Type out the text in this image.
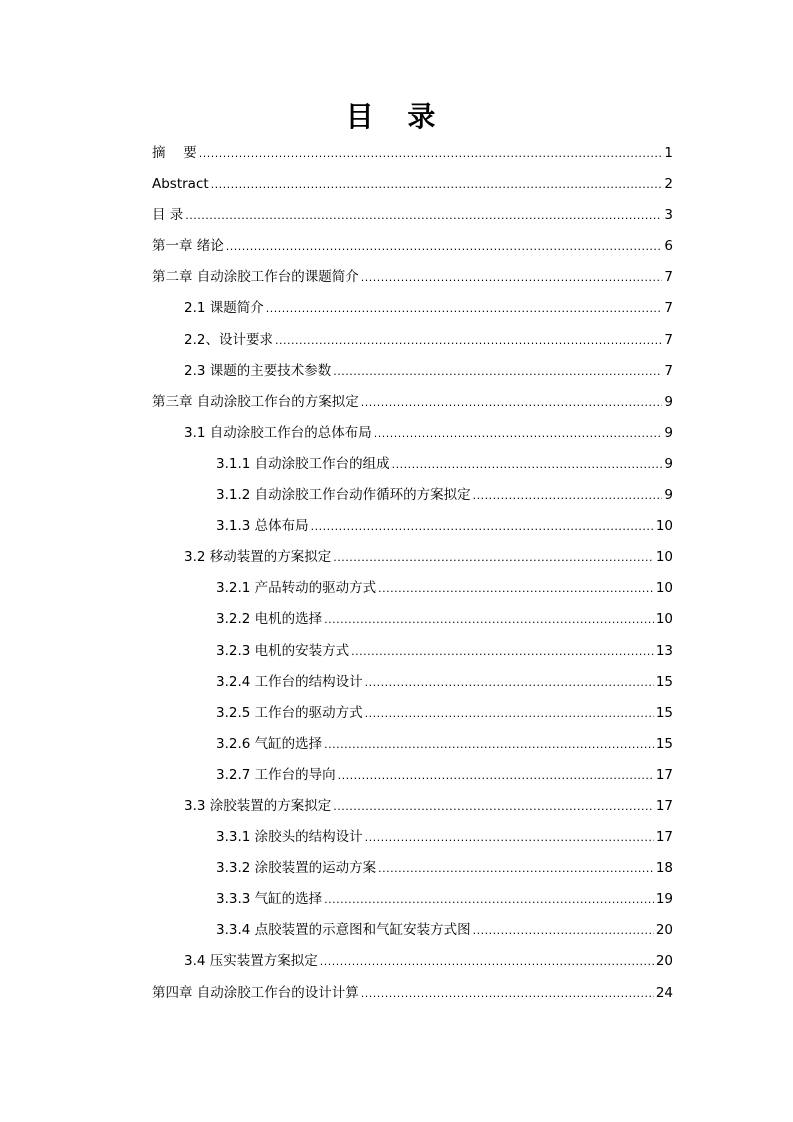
目 录
摘　 要 .....	1
Abstract .....	2
目 录 .....	3
第一章 绪论 .....	6
第二章 自动涂胶工作台的课题简介 .....	7
2.1 课题简介 .....	7
2.2、设计要求 .....	7
2.3 课题的主要技术参数 .....	7
第三章 自动涂胶工作台的方案拟定 .....	9
3.1 自动涂胶工作台的总体布局 .....	9
3.1.1 自动涂胶工作台的组成 .....	9
3.1.2 自动涂胶工作台动作循环的方案拟定 .....	9
3.1.3 总体布局 .....	10
3.2 移动装置的方案拟定 .....	10
3.2.1 产品转动的驱动方式 .....	10
3.2.2 电机的选择 .....	10
3.2.3 电机的安装方式 .....	13
3.2.4 工作台的结构设计 .....	15
3.2.5 工作台的驱动方式 .....	15
3.2.6 气缸的选择 .....	15
3.2.7 工作台的导向 .....	17
3.3 涂胶装置的方案拟定 .....	17
3.3.1 涂胶头的结构设计 .....	17
3.3.2 涂胶装置的运动方案 .....	18
3.3.3 气缸的选择 .....	19
3.3.4 点胶装置的示意图和气缸安装方式图 .....	20
3.4 压实装置方案拟定 .....	20
第四章 自动涂胶工作台的设计计算 .....	24
